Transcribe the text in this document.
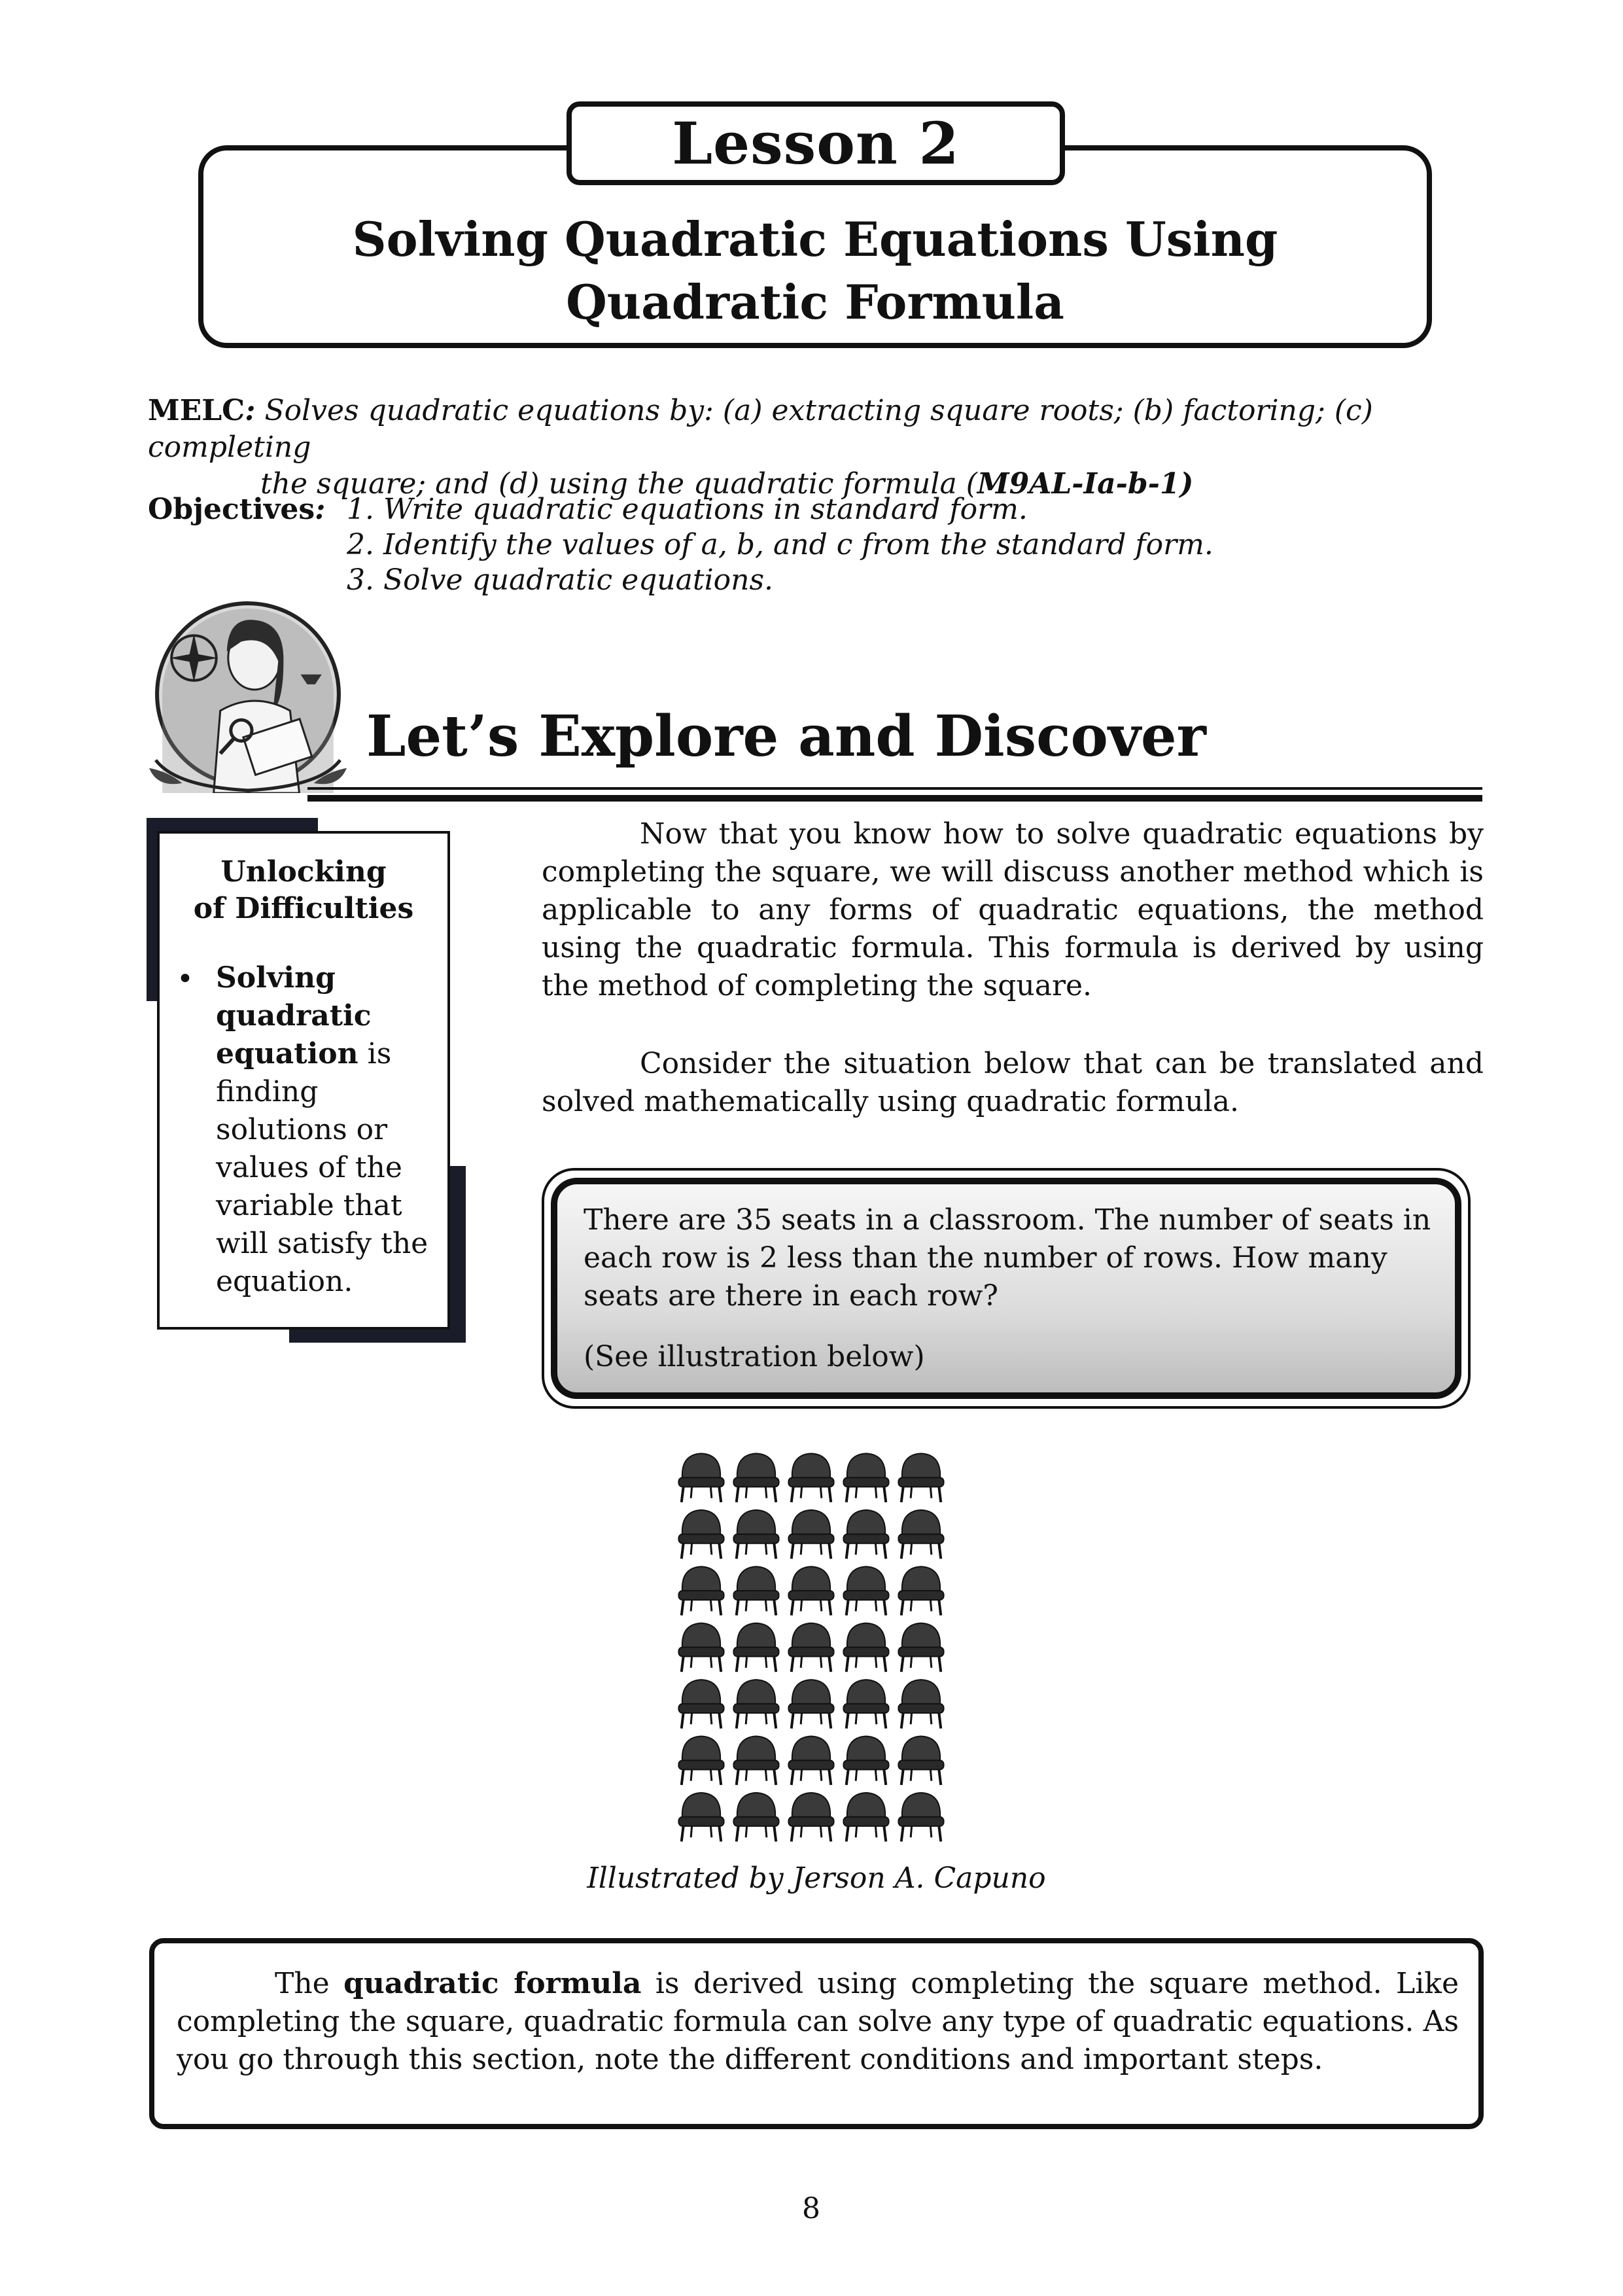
Lesson 2
Solving Quadratic Equations Using
Quadratic Formula
MELC: Solves quadratic equations by: (a) extracting square roots; (b) factoring; (c) completing
the square; and (d) using the quadratic formula (M9AL-Ia-b-1)
Objectives: 1. Write quadratic equations in standard form.
2. Identify the values of a, b, and c from the standard form.
3. Solve quadratic equations.
Let’s Explore and Discover
Unlocking
of Difficulties
• Solving quadratic equation is finding solutions or values of the variable that will satisfy the equation.
Now that you know how to solve quadratic equations by completing the square, we will discuss another method which is applicable to any forms of quadratic equations, the method using the quadratic formula. This formula is derived by using the method of completing the square.
Consider the situation below that can be translated and solved mathematically using quadratic formula.
There are 35 seats in a classroom. The number of seats in each row is 2 less than the number of rows. How many seats are there in each row?
(See illustration below)
Illustrated by Jerson A. Capuno
The quadratic formula is derived using completing the square method. Like completing the square, quadratic formula can solve any type of quadratic equations. As you go through this section, note the different conditions and important steps.
8
